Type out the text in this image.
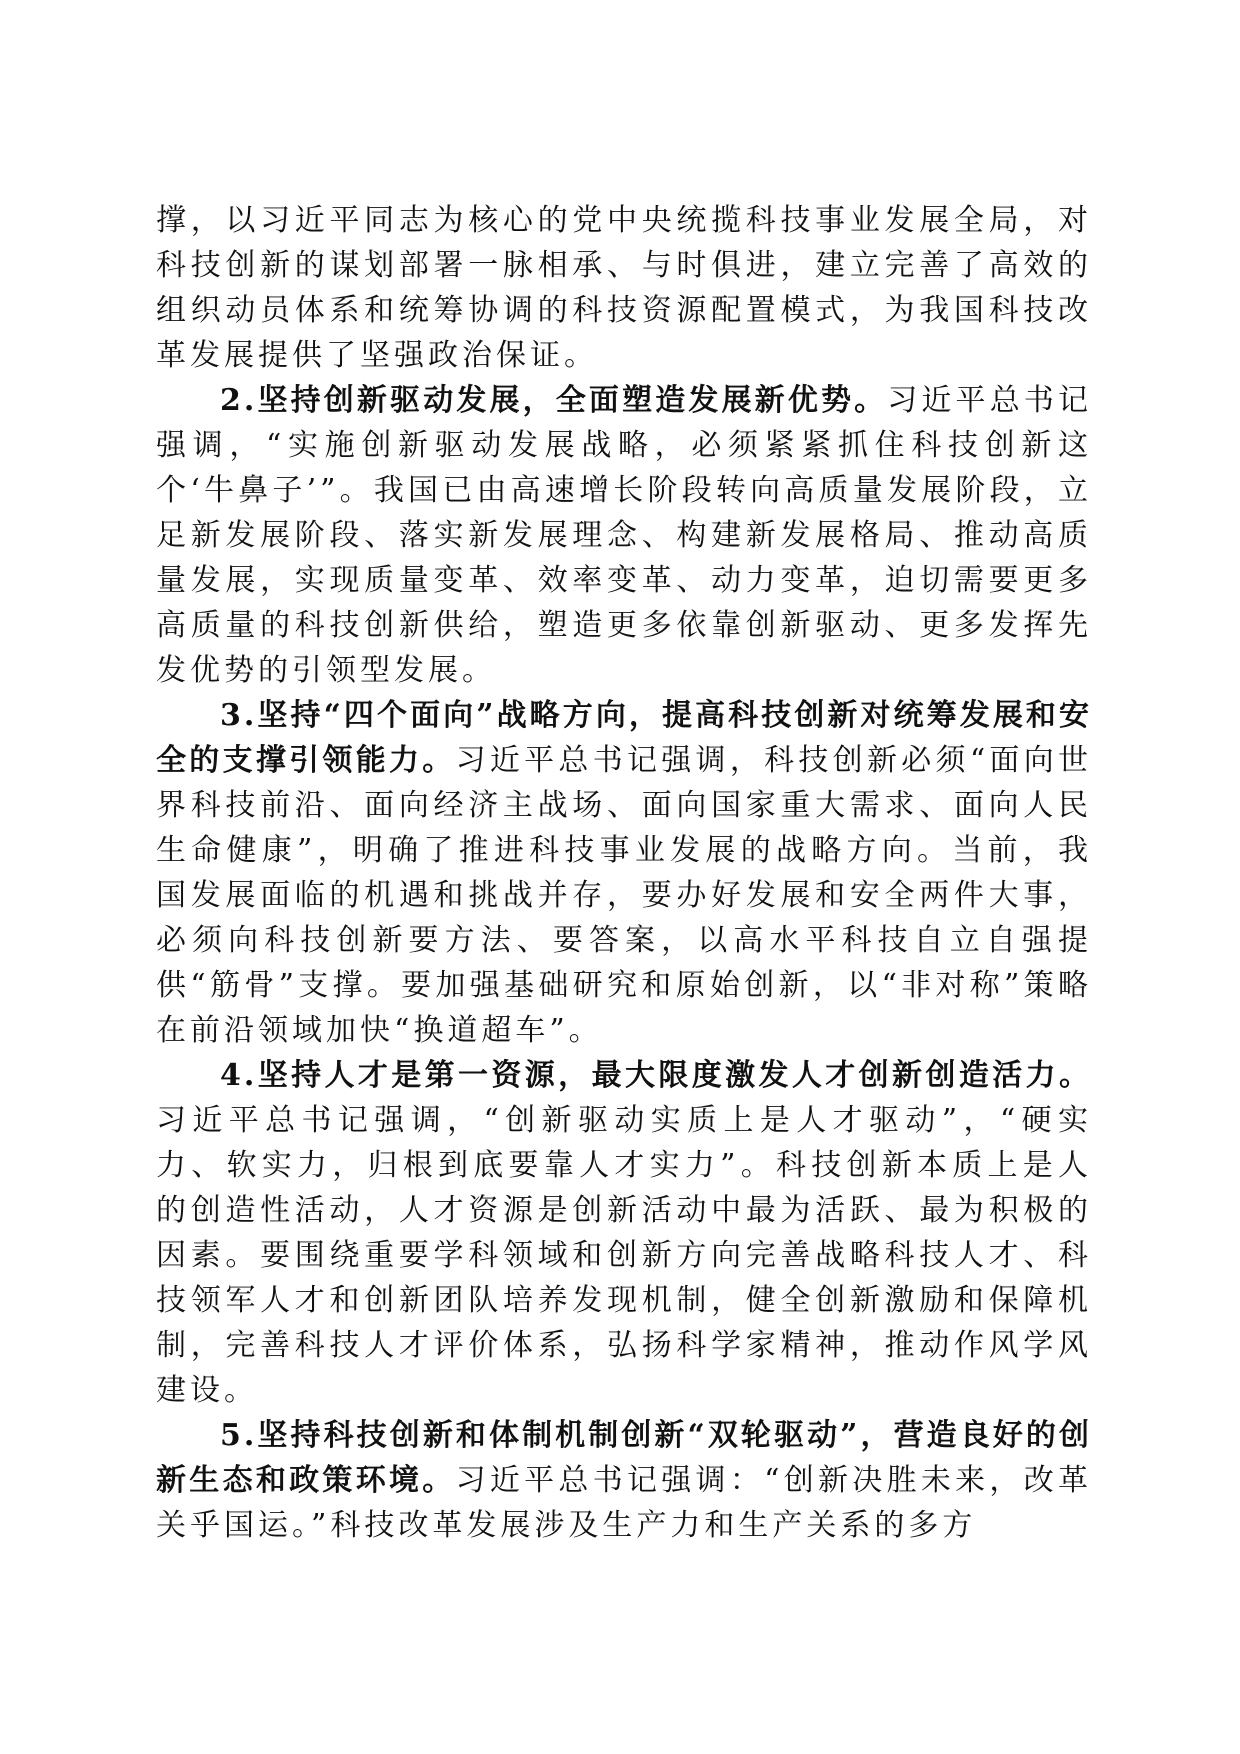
撑，以习近平同志为核心的党中央统揽科技事业发展全局，对科技创新的谋划部署一脉相承、与时俱进，建立完善了高效的组织动员体系和统筹协调的科技资源配置模式，为我国科技改革发展提供了坚强政治保证。

2.坚持创新驱动发展，全面塑造发展新优势。习近平总书记强调，“实施创新驱动发展战略，必须紧紧抓住科技创新这个‘牛鼻子’”。我国已由高速增长阶段转向高质量发展阶段，立足新发展阶段、落实新发展理念、构建新发展格局、推动高质量发展，实现质量变革、效率变革、动力变革，迫切需要更多高质量的科技创新供给，塑造更多依靠创新驱动、更多发挥先发优势的引领型发展。

3.坚持“四个面向”战略方向，提高科技创新对统筹发展和安全的支撑引领能力。习近平总书记强调，科技创新必须“面向世界科技前沿、面向经济主战场、面向国家重大需求、面向人民生命健康”，明确了推进科技事业发展的战略方向。当前，我国发展面临的机遇和挑战并存，要办好发展和安全两件大事，必须向科技创新要方法、要答案，以高水平科技自立自强提供“筋骨”支撑。要加强基础研究和原始创新，以“非对称”策略在前沿领域加快“换道超车”。

4.坚持人才是第一资源，最大限度激发人才创新创造活力。习近平总书记强调，“创新驱动实质上是人才驱动”，“硬实力、软实力，归根到底要靠人才实力”。科技创新本质上是人的创造性活动，人才资源是创新活动中最为活跃、最为积极的因素。要围绕重要学科领域和创新方向完善战略科技人才、科技领军人才和创新团队培养发现机制，健全创新激励和保障机制，完善科技人才评价体系，弘扬科学家精神，推动作风学风建设。

5.坚持科技创新和体制机制创新“双轮驱动”，营造良好的创新生态和政策环境。习近平总书记强调：“创新决胜未来，改革关乎国运。”科技改革发展涉及生产力和生产关系的多方
